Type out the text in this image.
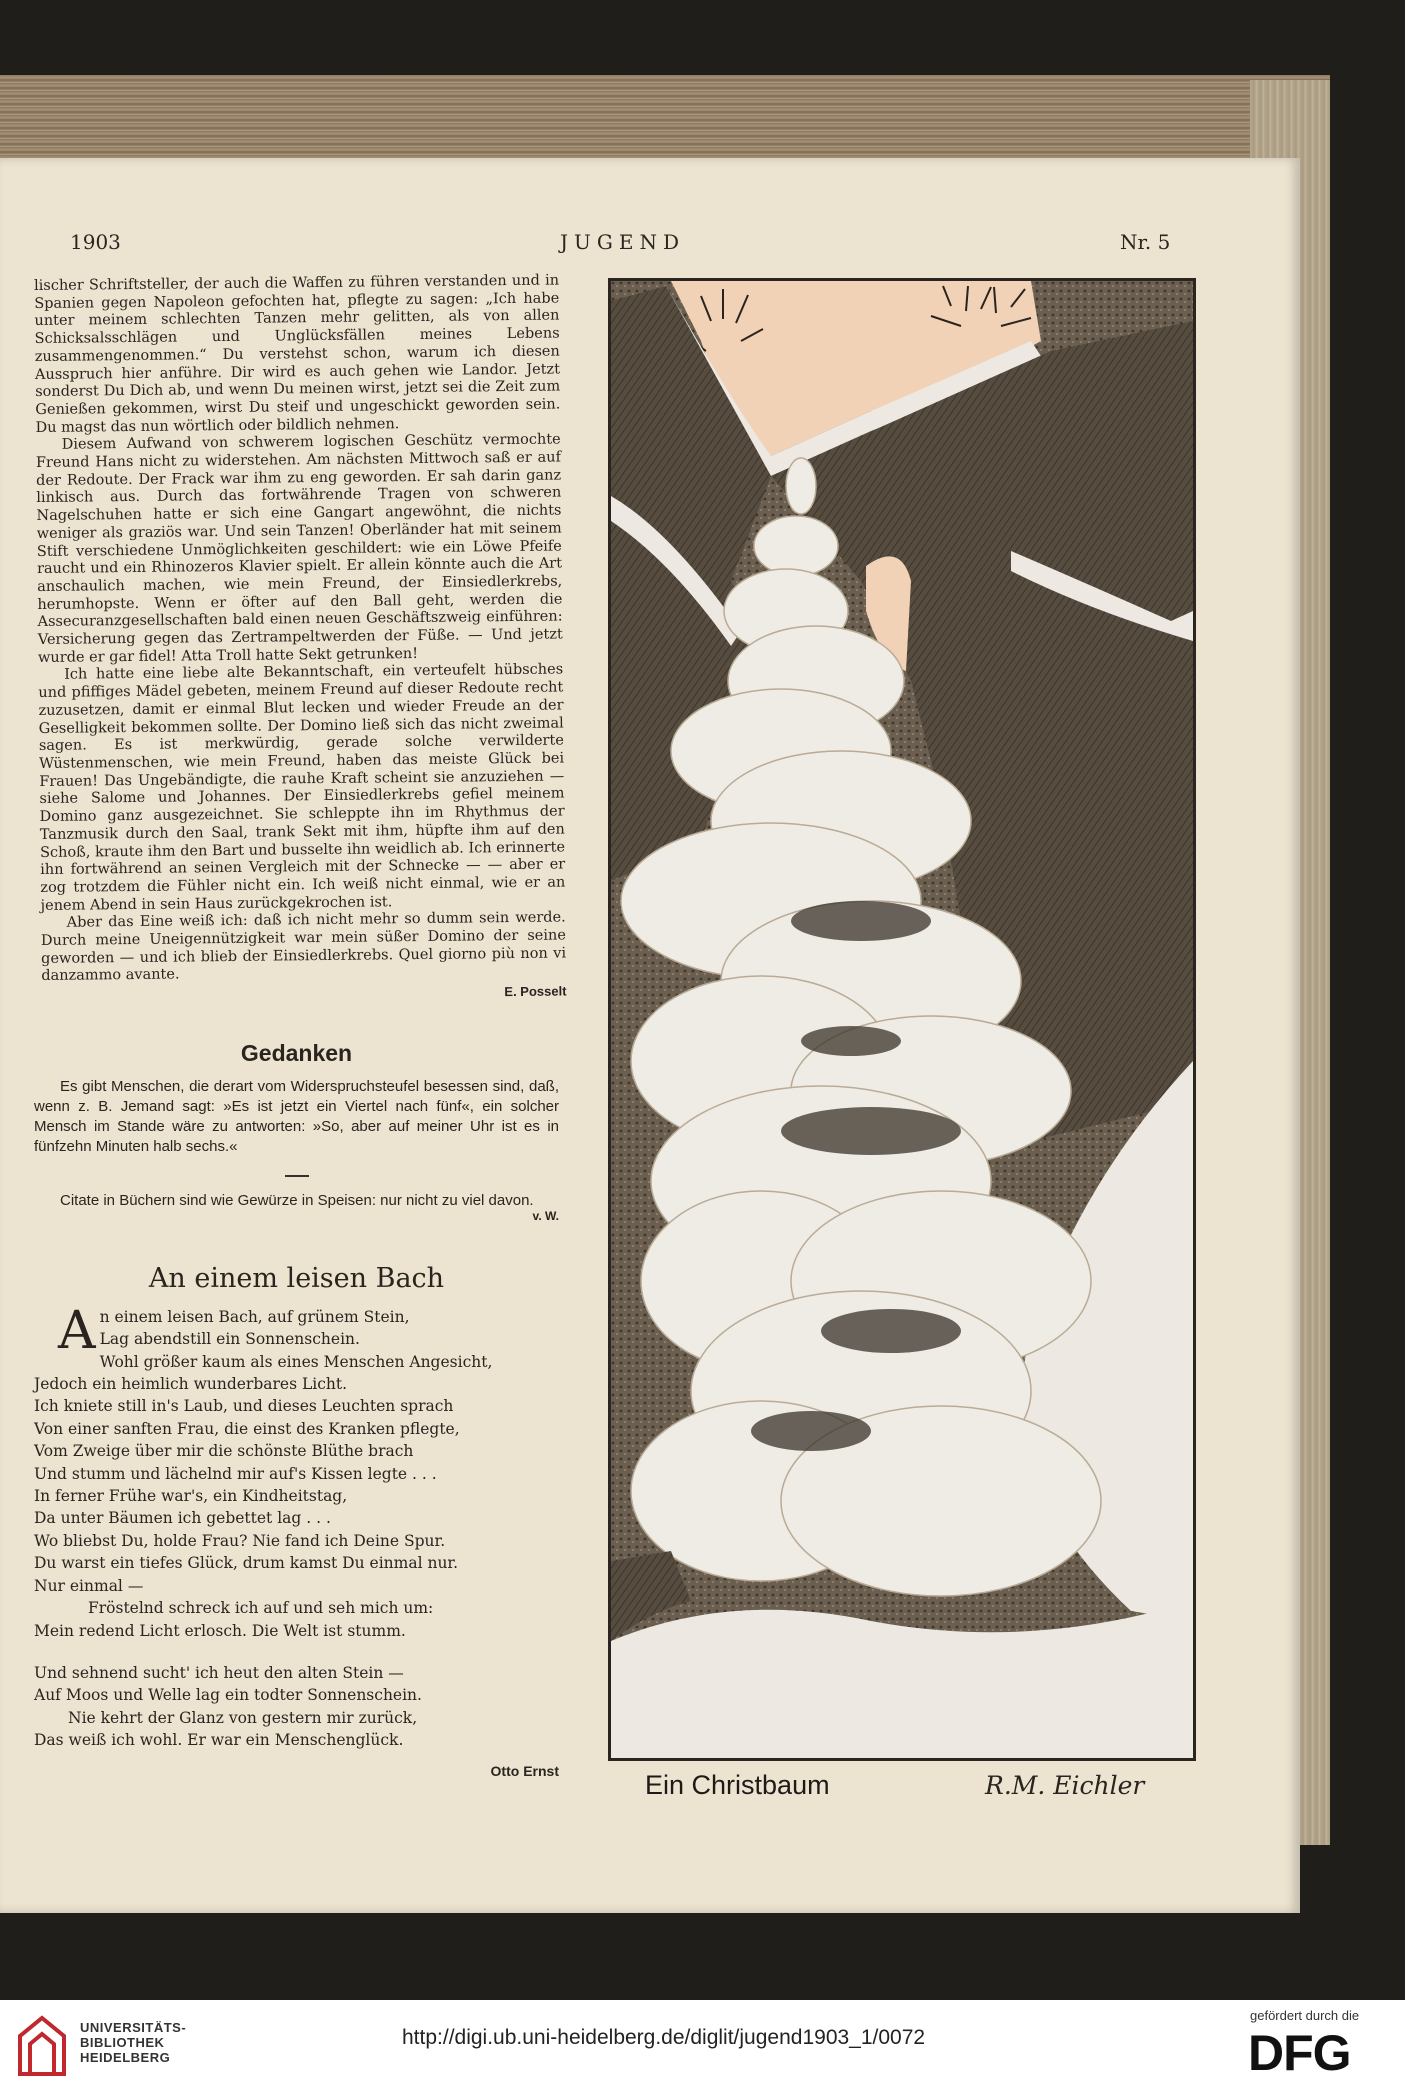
1903	JUGEND	Nr. 5

lischer Schriftsteller, der auch die Waffen zu führen verstanden und in Spanien gegen Napoleon gefochten hat, pflegte zu sagen: „Ich habe unter meinem schlechten Tanzen mehr gelitten, als von allen Schicksalsschlägen und Unglücksfällen meines Lebens zusammengenommen.“ Du verstehst schon, warum ich diesen Ausspruch hier anführe. Dir wird es auch gehen wie Landor. Jetzt sonderst Du Dich ab, und wenn Du meinen wirst, jetzt sei die Zeit zum Genießen gekommen, wirst Du steif und ungeschickt geworden sein. Du magst das nun wörtlich oder bildlich nehmen.

Diesem Aufwand von schwerem logischen Geschütz vermochte Freund Hans nicht zu widerstehen. Am nächsten Mittwoch saß er auf der Redoute. Der Frack war ihm zu eng geworden. Er sah darin ganz linkisch aus. Durch das fortwährende Tragen von schweren Nagelschuhen hatte er sich eine Gangart angewöhnt, die nichts weniger als graziös war. Und sein Tanzen! Oberländer hat mit seinem Stift verschiedene Unmöglichkeiten geschildert: wie ein Löwe Pfeife raucht und ein Rhinozeros Klavier spielt. Er allein könnte auch die Art anschaulich machen, wie mein Freund, der Einsiedlerkrebs, herumhopste. Wenn er öfter auf den Ball geht, werden die Assecuranzgesellschaften bald einen neuen Geschäftszweig einführen: Versicherung gegen das Zertrampeltwerden der Füße. — Und jetzt wurde er gar fidel! Atta Troll hatte Sekt getrunken!

Ich hatte eine liebe alte Bekanntschaft, ein verteufelt hübsches und pfiffiges Mädel gebeten, meinem Freund auf dieser Redoute recht zuzusetzen, damit er einmal Blut lecken und wieder Freude an der Geselligkeit bekommen sollte. Der Domino ließ sich das nicht zweimal sagen. Es ist merkwürdig, gerade solche verwilderte Wüstenmenschen, wie mein Freund, haben das meiste Glück bei Frauen! Das Ungebändigte, die rauhe Kraft scheint sie anzuziehen — siehe Salome und Johannes. Der Einsiedlerkrebs gefiel meinem Domino ganz ausgezeichnet. Sie schleppte ihn im Rhythmus der Tanzmusik durch den Saal, trank Sekt mit ihm, hüpfte ihm auf den Schoß, kraute ihm den Bart und busselte ihn weidlich ab. Ich erinnerte ihn fortwährend an seinen Vergleich mit der Schnecke — — aber er zog trotzdem die Fühler nicht ein. Ich weiß nicht einmal, wie er an jenem Abend in sein Haus zurückgekrochen ist.

Aber das Eine weiß ich: daß ich nicht mehr so dumm sein werde. Durch meine Uneigennützigkeit war mein süßer Domino der seine geworden — und ich blieb der Einsiedlerkrebs. Quel giorno più non vi danzammo avante.

E. Posselt
Gedanken

Es gibt Menschen, die derart vom Widerspruchsteufel besessen sind, daß, wenn z. B. Jemand sagt: »Es ist jetzt ein Viertel nach fünf«, ein solcher Mensch im Stande wäre zu antworten: »So, aber auf meiner Uhr ist es in fünfzehn Minuten halb sechs.«

Citate in Büchern sind wie Gewürze in Speisen: nur nicht zu viel davon.

v. W.
An einem leisen Bach
A n einem leisen Bach, auf grünem Stein,
Lag abendstill ein Sonnenschein.
Wohl größer kaum als eines Menschen Angesicht,
Jedoch ein heimlich wunderbares Licht.
Ich kniete still in's Laub, und dieses Leuchten sprach
Von einer sanften Frau, die einst des Kranken pflegte,
Vom Zweige über mir die schönste Blüthe brach
Und stumm und lächelnd mir auf's Kissen legte . . .
In ferner Frühe war's, ein Kindheitstag,
Da unter Bäumen ich gebettet lag . . .
Wo bliebst Du, holde Frau? Nie fand ich Deine Spur.
Du warst ein tiefes Glück, drum kamst Du einmal nur.
Nur einmal —
Fröstelnd schreck ich auf und seh mich um:
Mein redend Licht erlosch. Die Welt ist stumm.
Und sehnend sucht' ich heut den alten Stein —
Auf Moos und Welle lag ein todter Sonnenschein.
Nie kehrt der Glanz von gestern mir zurück,
Das weiß ich wohl. Er war ein Menschenglück.
Otto Ernst	Ein Christbaum	R.M. Eichler
UNIVERSITÄTS-
BIBLIOTHEK
HEIDELBERG
http://digi.ub.uni-heidelberg.de/diglit/jugend1903_1/0072
gefördert durch die
DFG
